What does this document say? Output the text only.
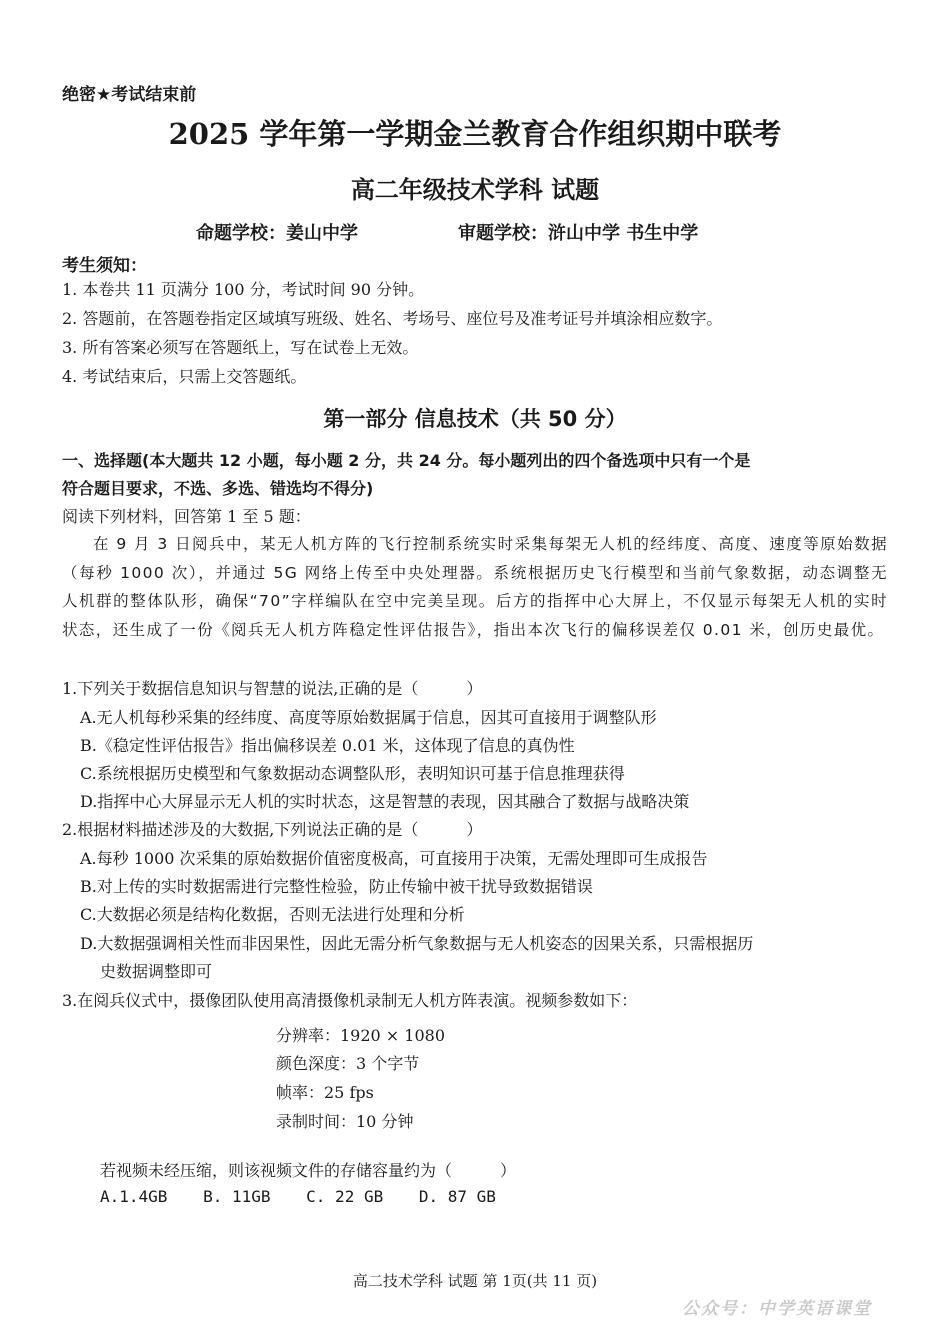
绝密★考试结束前
2025 学年第一学期金兰教育合作组织期中联考
高二年级技术学科 试题
命题学校：姜山中学	审题学校：浒山中学 书生中学
考生须知：
1. 本卷共 11 页满分 100 分，考试时间 90 分钟。
2. 答题前，在答题卷指定区域填写班级、姓名、考场号、座位号及准考证号并填涂相应数字。
3. 所有答案必须写在答题纸上，写在试卷上无效。
4. 考试结束后，只需上交答题纸。
第一部分 信息技术（共 50 分）
一、选择题(本大题共 12 小题，每小题 2 分，共 24 分。每小题列出的四个备选项中只有一个是
符合题目要求，不选、多选、错选均不得分)
阅读下列材料，回答第 1 至 5 题：

在 9 月 3 日阅兵中，某无人机方阵的飞行控制系统实时采集每架无人机的经纬度、高度、速度等原始数据（每秒 1000 次），并通过 5G 网络上传至中央处理器。系统根据历史飞行模型和当前气象数据，动态调整无人机群的整体队形，确保“70”字样编队在空中完美呈现。后方的指挥中心大屏上，不仅显示每架无人机的实时状态，还生成了一份《阅兵无人机方阵稳定性评估报告》，指出本次飞行的偏移误差仅 0.01 米，创历史最优。

1.下列关于数据信息知识与智慧的说法,正确的是（　　　）
A.无人机每秒采集的经纬度、高度等原始数据属于信息，因其可直接用于调整队形
B.《稳定性评估报告》指出偏移误差 0.01 米，这体现了信息的真伪性
C.系统根据历史模型和气象数据动态调整队形，表明知识可基于信息推理获得
D.指挥中心大屏显示无人机的实时状态，这是智慧的表现，因其融合了数据与战略决策
2.根据材料描述涉及的大数据,下列说法正确的是（　　　）
A.每秒 1000 次采集的原始数据价值密度极高，可直接用于决策，无需处理即可生成报告
B.对上传的实时数据需进行完整性检验，防止传输中被干扰导致数据错误
C.大数据必须是结构化数据，否则无法进行处理和分析
D.大数据强调相关性而非因果性，因此无需分析气象数据与无人机姿态的因果关系，只需根据历
史数据调整即可
3.在阅兵仪式中，摄像团队使用高清摄像机录制无人机方阵表演。视频参数如下：
分辨率：1920 × 1080
颜色深度：3 个字节
帧率：25 fps
录制时间：10 分钟
若视频未经压缩，则该视频文件的存储容量约为（　　　）
A.1.4GB B. 11GB C. 22 GB D. 87 GB
高二技术学科 试题 第 1页(共 11 页)
公众号：中学英语课堂
